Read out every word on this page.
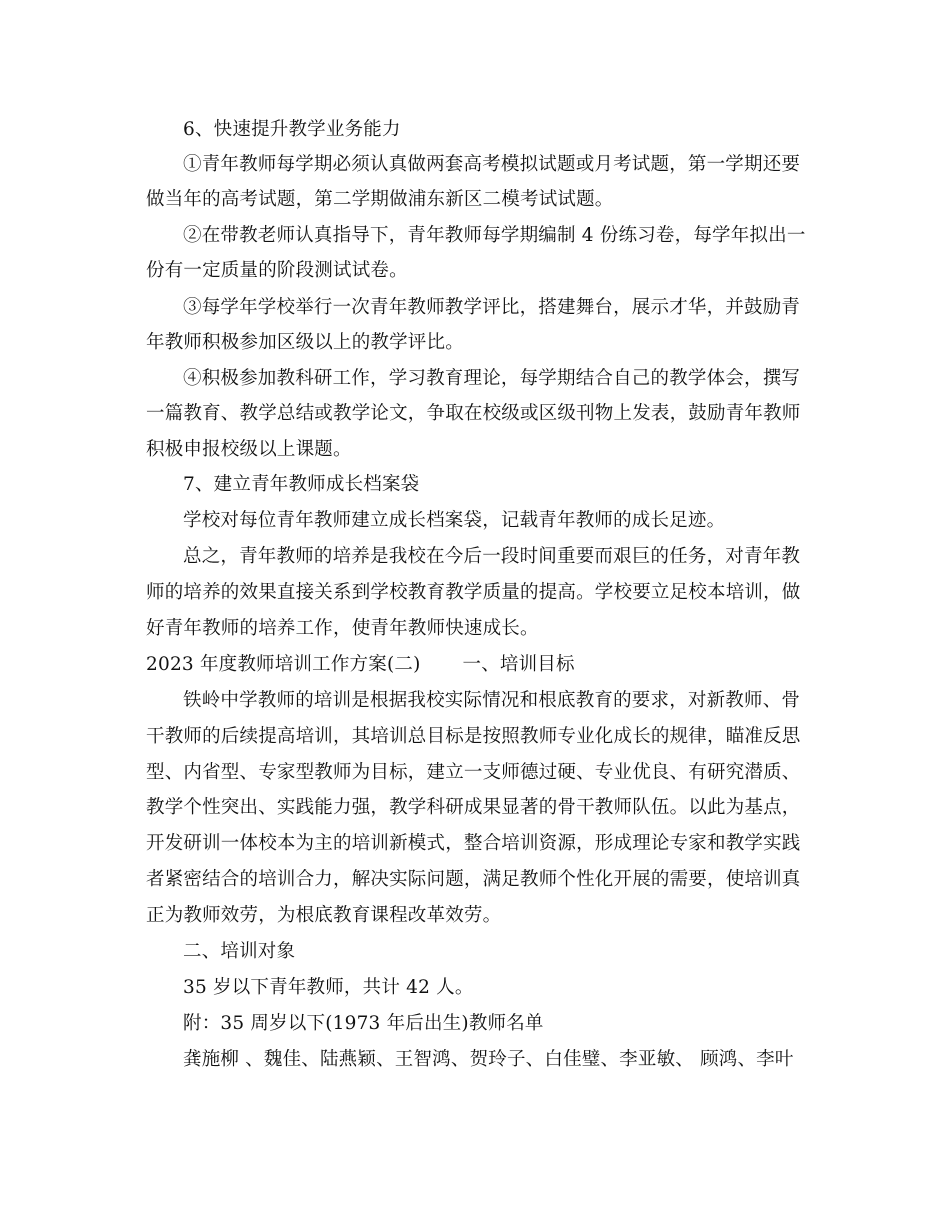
6、快速提升教学业务能力
①青年教师每学期必须认真做两套高考模拟试题或月考试题，第一学期还要
做当年的高考试题，第二学期做浦东新区二模考试试题。
②在带教老师认真指导下，青年教师每学期编制 4 份练习卷，每学年拟出一
份有一定质量的阶段测试试卷。
③每学年学校举行一次青年教师教学评比，搭建舞台，展示才华，并鼓励青
年教师积极参加区级以上的教学评比。
④积极参加教科研工作，学习教育理论，每学期结合自己的教学体会，撰写
一篇教育、教学总结或教学论文，争取在校级或区级刊物上发表，鼓励青年教师
积极申报校级以上课题。
7、建立青年教师成长档案袋
学校对每位青年教师建立成长档案袋，记载青年教师的成长足迹。
总之，青年教师的培养是我校在今后一段时间重要而艰巨的任务，对青年教
师的培养的效果直接关系到学校教育教学质量的提高。学校要立足校本培训，做
好青年教师的培养工作，使青年教师快速成长。
2023 年度教师培训工作方案(二) 一、培训目标
铁岭中学教师的培训是根据我校实际情况和根底教育的要求，对新教师、骨
干教师的后续提高培训，其培训总目标是按照教师专业化成长的规律，瞄准反思
型、内省型、专家型教师为目标，建立一支师德过硬、专业优良、有研究潜质、
教学个性突出、实践能力强，教学科研成果显著的骨干教师队伍。以此为基点，
开发研训一体校本为主的培训新模式，整合培训资源，形成理论专家和教学实践
者紧密结合的培训合力，解决实际问题，满足教师个性化开展的需要，使培训真
正为教师效劳，为根底教育课程改革效劳。
二、培训对象
35 岁以下青年教师，共计 42 人。
附：35 周岁以下(1973 年后出生)教师名单
龚施柳 、魏佳、陆燕颖、王智鸿、贺玲子、白佳璧、李亚敏、 顾鸿、李叶
